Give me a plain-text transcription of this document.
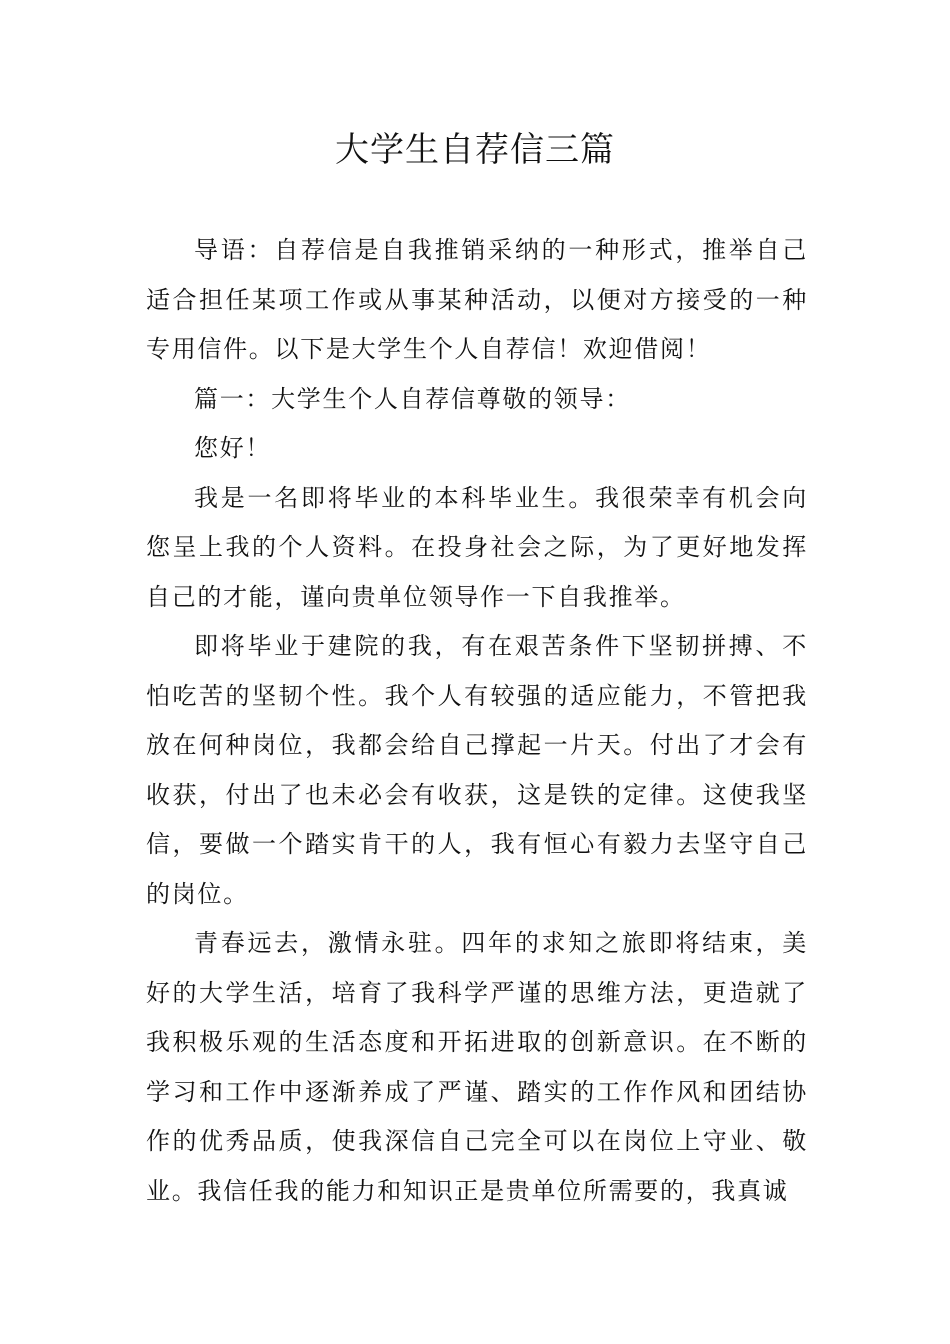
大学生自荐信三篇

导语：自荐信是自我推销采纳的一种形式，推举自己适合担任某项工作或从事某种活动，以便对方接受的一种专用信件。以下是大学生个人自荐信！欢迎借阅！

篇一：大学生个人自荐信尊敬的领导：

您好！

我是一名即将毕业的本科毕业生。我很荣幸有机会向您呈上我的个人资料。在投身社会之际，为了更好地发挥自己的才能，谨向贵单位领导作一下自我推举。

即将毕业于建院的我，有在艰苦条件下坚韧拼搏、不怕吃苦的坚韧个性。我个人有较强的适应能力，不管把我放在何种岗位，我都会给自己撑起一片天。付出了才会有收获，付出了也未必会有收获，这是铁的定律。这使我坚信，要做一个踏实肯干的人，我有恒心有毅力去坚守自己的岗位。

青春远去，激情永驻。四年的求知之旅即将结束，美好的大学生活，培育了我科学严谨的思维方法，更造就了我积极乐观的生活态度和开拓进取的创新意识。在不断的学习和工作中逐渐养成了严谨、踏实的工作作风和团结协作的优秀品质，使我深信自己完全可以在岗位上守业、敬业。我信任我的能力和知识正是贵单位所需要的，我真诚
